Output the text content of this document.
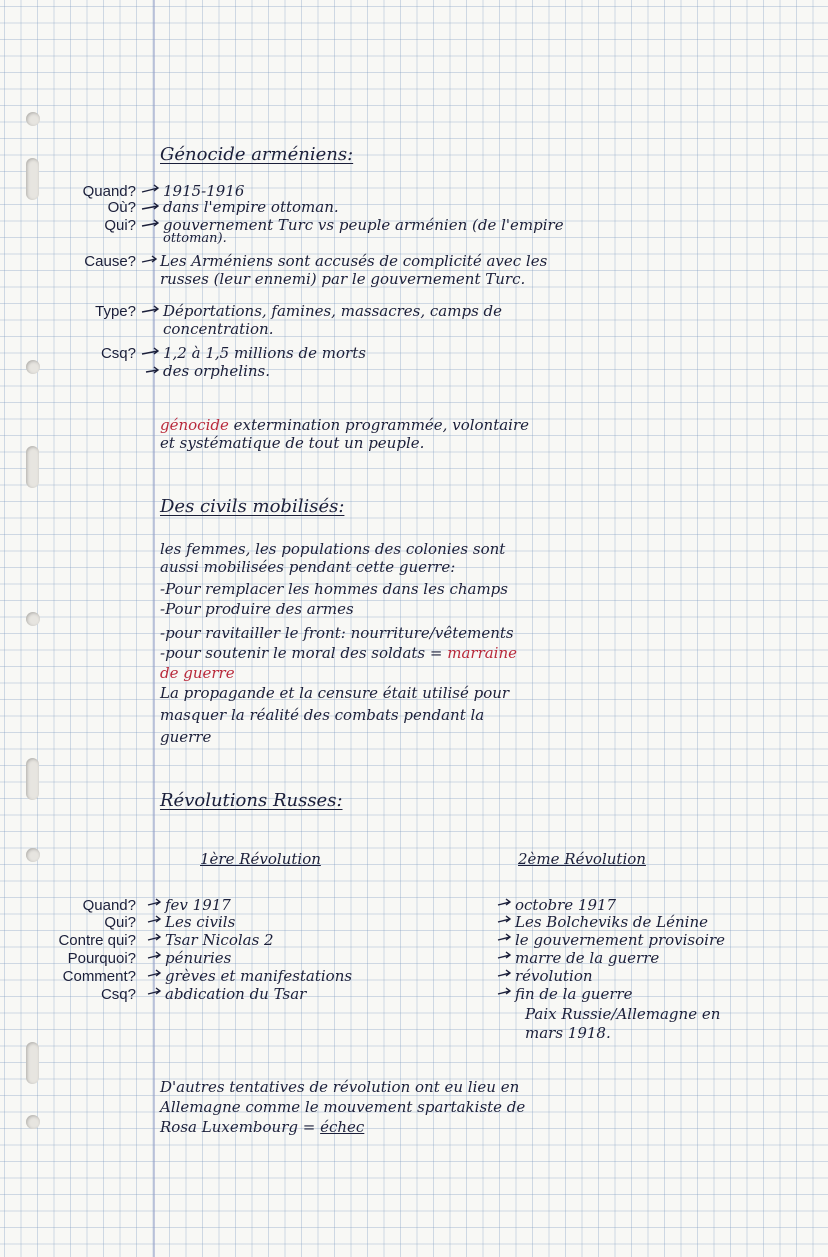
Génocide arméniens:
Quand? 1915-1916
Où? dans l'empire ottoman.
Qui? gouvernement Turc vs peuple arménien (de l'empire
ottoman).
Cause? Les Arméniens sont accusés de complicité avec les
russes (leur ennemi) par le gouvernement Turc.
Type? Déportations, famines, massacres, camps de
concentration.
Csq? 1,2 à 1,5 millions de morts
des orphelins.
génocide extermination programmée, volontaire
et systématique de tout un peuple.
Des civils mobilisés:
les femmes, les populations des colonies sont
aussi mobilisées pendant cette guerre:
-Pour remplacer les hommes dans les champs
-Pour produire des armes
-pour ravitailler le front: nourriture/vêtements
-pour soutenir le moral des soldats = marraine
de guerre
La propagande et la censure était utilisé pour
masquer la réalité des combats pendant la
guerre
Révolutions Russes:
1ère Révolution	2ème Révolution
Quand?
Qui?
Contre qui?
Pourquoi?
Comment?
Csq?
fev 1917
Les civils
Tsar Nicolas 2
pénuries
grèves et manifestations
abdication du Tsar
octobre 1917
Les Bolcheviks de Lénine
le gouvernement provisoire
marre de la guerre
révolution
fin de la guerre
Paix Russie/Allemagne en
mars 1918.
D'autres tentatives de révolution ont eu lieu en
Allemagne comme le mouvement spartakiste de
Rosa Luxembourg = échec
